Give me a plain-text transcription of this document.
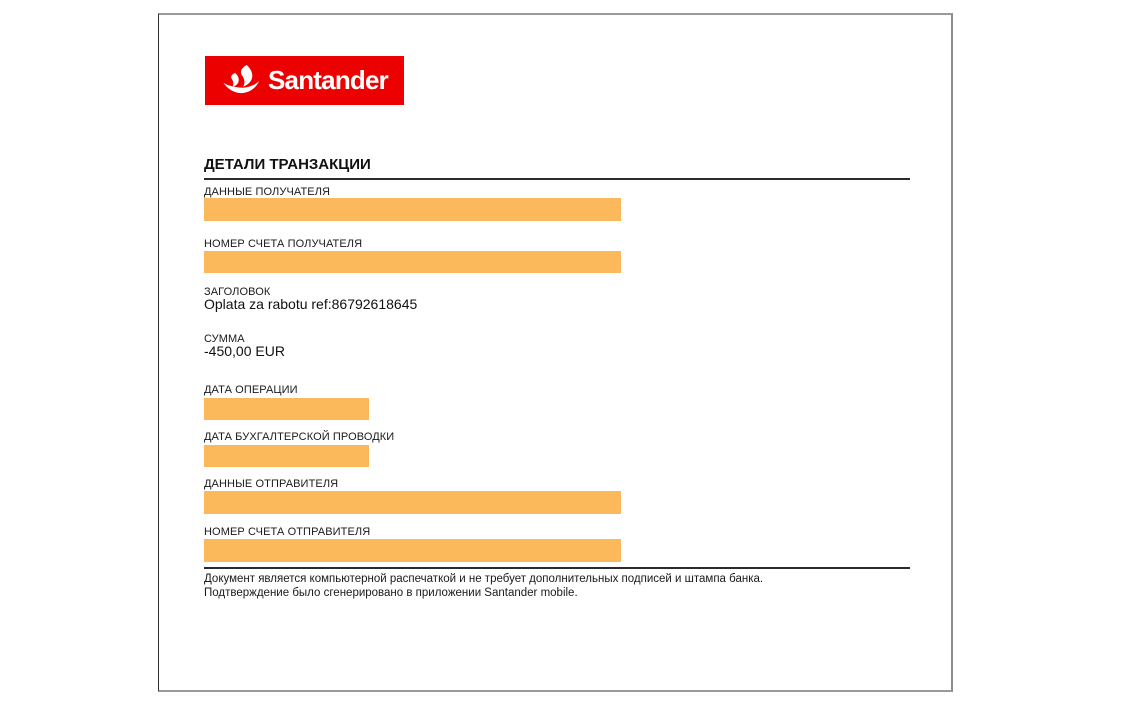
Santander
ДЕТАЛИ ТРАНЗАКЦИИ
ДАННЫЕ ПОЛУЧАТЕЛЯ
НОМЕР СЧЕТА ПОЛУЧАТЕЛЯ
ЗАГОЛОВОК
Oplata za rabotu ref:86792618645
СУММА
-450,00 EUR
ДАТА ОПЕРАЦИИ
ДАТА БУХГАЛТЕРСКОЙ ПРОВОДКИ
ДАННЫЕ ОТПРАВИТЕЛЯ
НОМЕР СЧЕТА ОТПРАВИТЕЛЯ
Документ является компьютерной распечаткой и не требует дополнительных подписей и штампа банка.
Подтверждение было сгенерировано в приложении Santander mobile.
